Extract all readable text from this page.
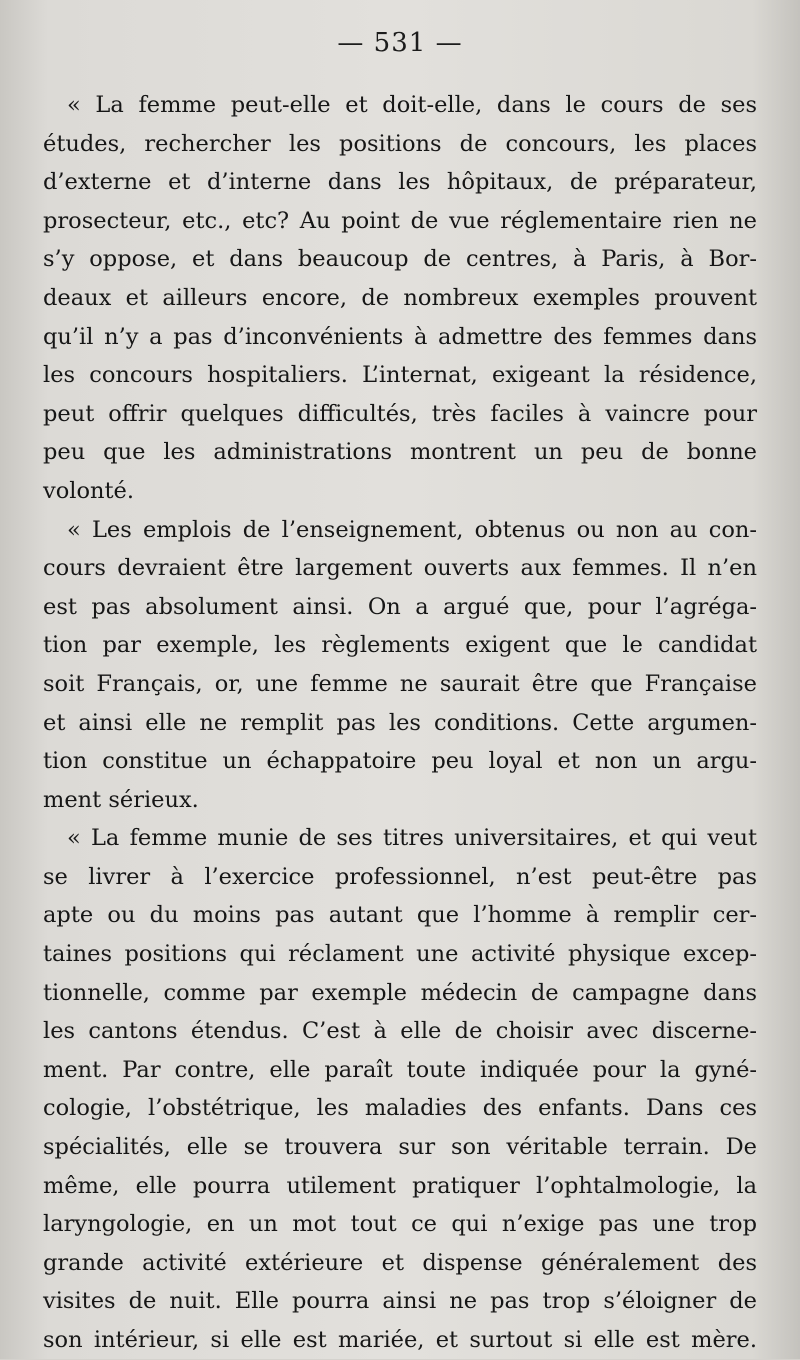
— 531 —

« La femme peut-elle et doit-elle, dans le cours de ses
études, rechercher les positions de concours, les places
d’externe et d’interne dans les hôpitaux, de préparateur,
prosecteur, etc., etc? Au point de vue réglementaire rien ne
s’y oppose, et dans beaucoup de centres, à Paris, à Bor-
deaux et ailleurs encore, de nombreux exemples prouvent
qu’il n’y a pas d’inconvénients à admettre des femmes dans
les concours hospitaliers. L’internat, exigeant la résidence,
peut offrir quelques difficultés, très faciles à vaincre pour
peu que les administrations montrent un peu de bonne
volonté.

« Les emplois de l’enseignement, obtenus ou non au con-
cours devraient être largement ouverts aux femmes. Il n’en
est pas absolument ainsi. On a argué que, pour l’agréga-
tion par exemple, les règlements exigent que le candidat
soit Français, or, une femme ne saurait être que Française
et ainsi elle ne remplit pas les conditions. Cette argumen-
tion constitue un échappatoire peu loyal et non un argu-
ment sérieux.

« La femme munie de ses titres universitaires, et qui veut
se livrer à l’exercice professionnel, n’est peut-être pas
apte ou du moins pas autant que l’homme à remplir cer-
taines positions qui réclament une activité physique excep-
tionnelle, comme par exemple médecin de campagne dans
les cantons étendus. C’est à elle de choisir avec discerne-
ment. Par contre, elle paraît toute indiquée pour la gyné-
cologie, l’obstétrique, les maladies des enfants. Dans ces
spécialités, elle se trouvera sur son véritable terrain. De
même, elle pourra utilement pratiquer l’ophtalmologie, la
laryngologie, en un mot tout ce qui n’exige pas une trop
grande activité extérieure et dispense généralement des
visites de nuit. Elle pourra ainsi ne pas trop s’éloigner de
son intérieur, si elle est mariée, et surtout si elle est mère.
